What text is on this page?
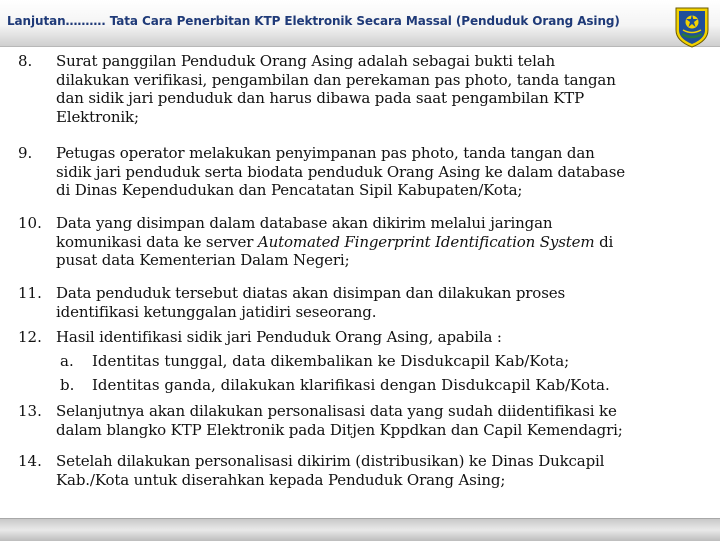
Lanjutan………. Tata Cara Penerbitan KTP Elektronik Secara Massal (Penduduk Orang Asing)
8.	Surat panggilan Penduduk Orang Asing adalah sebagai bukti telah
dilakukan verifikasi, pengambilan dan perekaman pas photo, tanda tangan
dan sidik jari penduduk dan harus dibawa pada saat pengambilan KTP
Elektronik;
9.	Petugas operator melakukan penyimpanan pas photo, tanda tangan dan
sidik jari penduduk serta biodata penduduk Orang Asing ke dalam database
di Dinas Kependudukan dan Pencatatan Sipil Kabupaten/Kota;
10. Data yang disimpan dalam database akan dikirim melalui jaringan
komunikasi data ke server Automated Fingerprint Identification System di
pusat data Kementerian Dalam Negeri;
11. Data penduduk tersebut diatas akan disimpan dan dilakukan proses
identifikasi ketunggalan jatidiri seseorang.
12. Hasil identifikasi sidik jari Penduduk Orang Asing, apabila :
a. Identitas tunggal, data dikembalikan ke Disdukcapil Kab/Kota;
b. Identitas ganda, dilakukan klarifikasi dengan Disdukcapil Kab/Kota.
13. Selanjutnya akan dilakukan personalisasi data yang sudah diidentifikasi ke
dalam blangko KTP Elektronik pada Ditjen Kppdkan dan Capil Kemendagri;
14. Setelah dilakukan personalisasi dikirim (distribusikan) ke Dinas Dukcapil
Kab./Kota untuk diserahkan kepada Penduduk Orang Asing;
